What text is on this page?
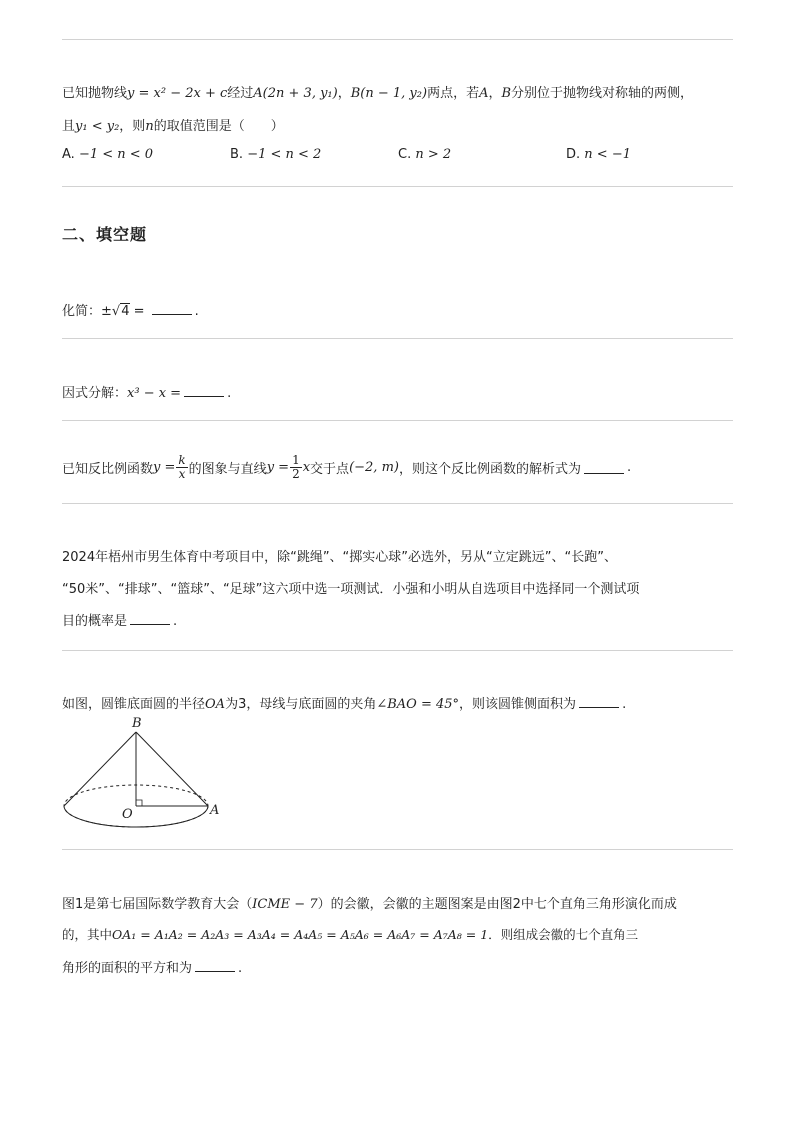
已知抛物线y = x² − 2x + c经过A(2n + 3, y₁)，B(n − 1, y₂)两点，若A，B分别位于抛物线对称轴的两侧，
且y₁ < y₂，则n的取值范围是（　　）
A. −1 < n < 0	B. −1 < n < 2	C. n > 2	D. n < −1
二、填空题
化简：±√4 =	.
因式分解：x³ − x =	.
已知反比例函数 $y = \frac{k}{x}$ 的图象与直线 $y = \frac{1}{2}$ x 交于点 (−2, m) ，则这个反比例函数的解析式为	.
2024年梧州市男生体育中考项目中，除“跳绳”、“掷实心球”必选外，另从“立定跳远”、“长跑”、
“50米”、“排球”、“篮球”、“足球”这六项中选一项测试．小强和小明从自选项目中选择同一个测试项
目的概率是	.
如图，圆锥底面圆的半径OA为3，母线与底面圆的夹角∠BAO = 45°，则该圆锥侧面积为	.
B
O	A
图1是第七届国际数学教育大会（ICME − 7）的会徽，会徽的主题图案是由图2中七个直角三角形演化而成
的，其中OA₁ = A₁A₂ = A₂A₃ = A₃A₄ = A₄A₅ = A₅A₆ = A₆A₇ = A₇A₈ = 1．则组成会徽的七个直角三
角形的面积的平方和为	.
